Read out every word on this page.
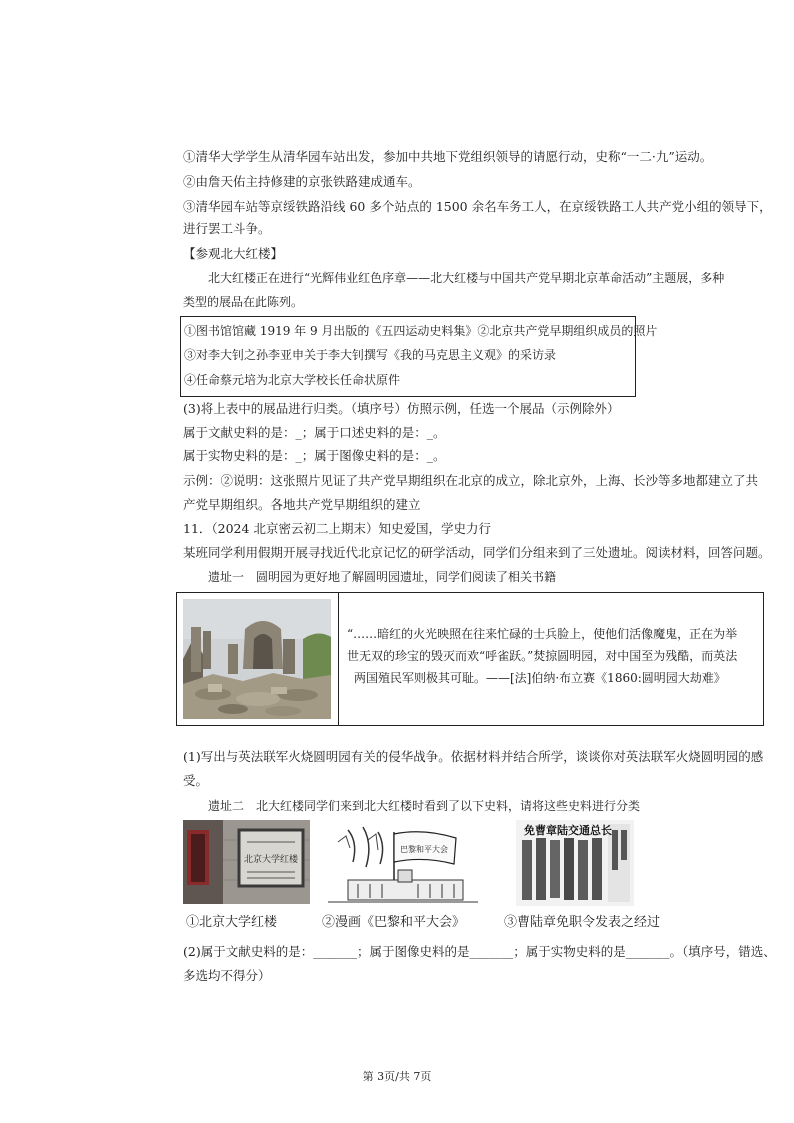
①清华大学学生从清华园车站出发，参加中共地下党组织领导的请愿行动，史称“一二·九”运动。
②由詹天佑主持修建的京张铁路建成通车。
③清华园车站等京绥铁路沿线 60 多个站点的 1500 余名车务工人，在京绥铁路工人共产党小组的领导下，
进行罢工斗争。
【参观北大红楼】
北大红楼正在进行“光辉伟业红色序章——北大红楼与中国共产党早期北京革命活动”主题展，多种
类型的展品在此陈列。
①图书馆馆藏 1919 年 9 月出版的《五四运动史料集》②北京共产党早期组织成员的照片
③对李大钊之孙李亚申关于李大钊撰写《我的马克思主义观》的采访录
④任命蔡元培为北京大学校长任命状原件
(3)将上表中的展品进行归类。（填序号）仿照示例，任选一个展品（示例除外）
属于文献史料的是：_；属于口述史料的是：_。
属于实物史料的是：_；属于图像史料的是：_。
示例：②说明：这张照片见证了共产党早期组织在北京的成立，除北京外，上海、长沙等多地都建立了共
产党早期组织。各地共产党早期组织的建立
11．（2024 北京密云初二上期末）知史爱国，学史力行
某班同学利用假期开展寻找近代北京记忆的研学活动，同学们分组来到了三处遗址。阅读材料，回答问题。
遗址一　圆明园为更好地了解圆明园遗址，同学们阅读了相关书籍
“……暗红的火光映照在往来忙碌的士兵脸上，使他们活像魔鬼，正在为举
世无双的珍宝的毁灭而欢“呼雀跃。”焚掠圆明园，对中国至为残酷，而英法
两国殖民军则极其可耻。——[法]伯纳·布立赛《1860:圆明园大劫难》
(1)写出与英法联军火烧圆明园有关的侵华战争。依据材料并结合所学，谈谈你对英法联军火烧圆明园的感
受。
遗址二　北大红楼同学们来到北大红楼时看到了以下史料，请将这些史料进行分类
北京大学红楼
巴黎和平大会
免曹章陆交通总长
①北京大学红楼	②漫画《巴黎和平大会》	③曹陆章免职令发表之经过
(2)属于文献史料的是：_______；属于图像史料的是_______；属于实物史料的是_______。（填序号，错选、
多选均不得分）
第 3页/共 7页
